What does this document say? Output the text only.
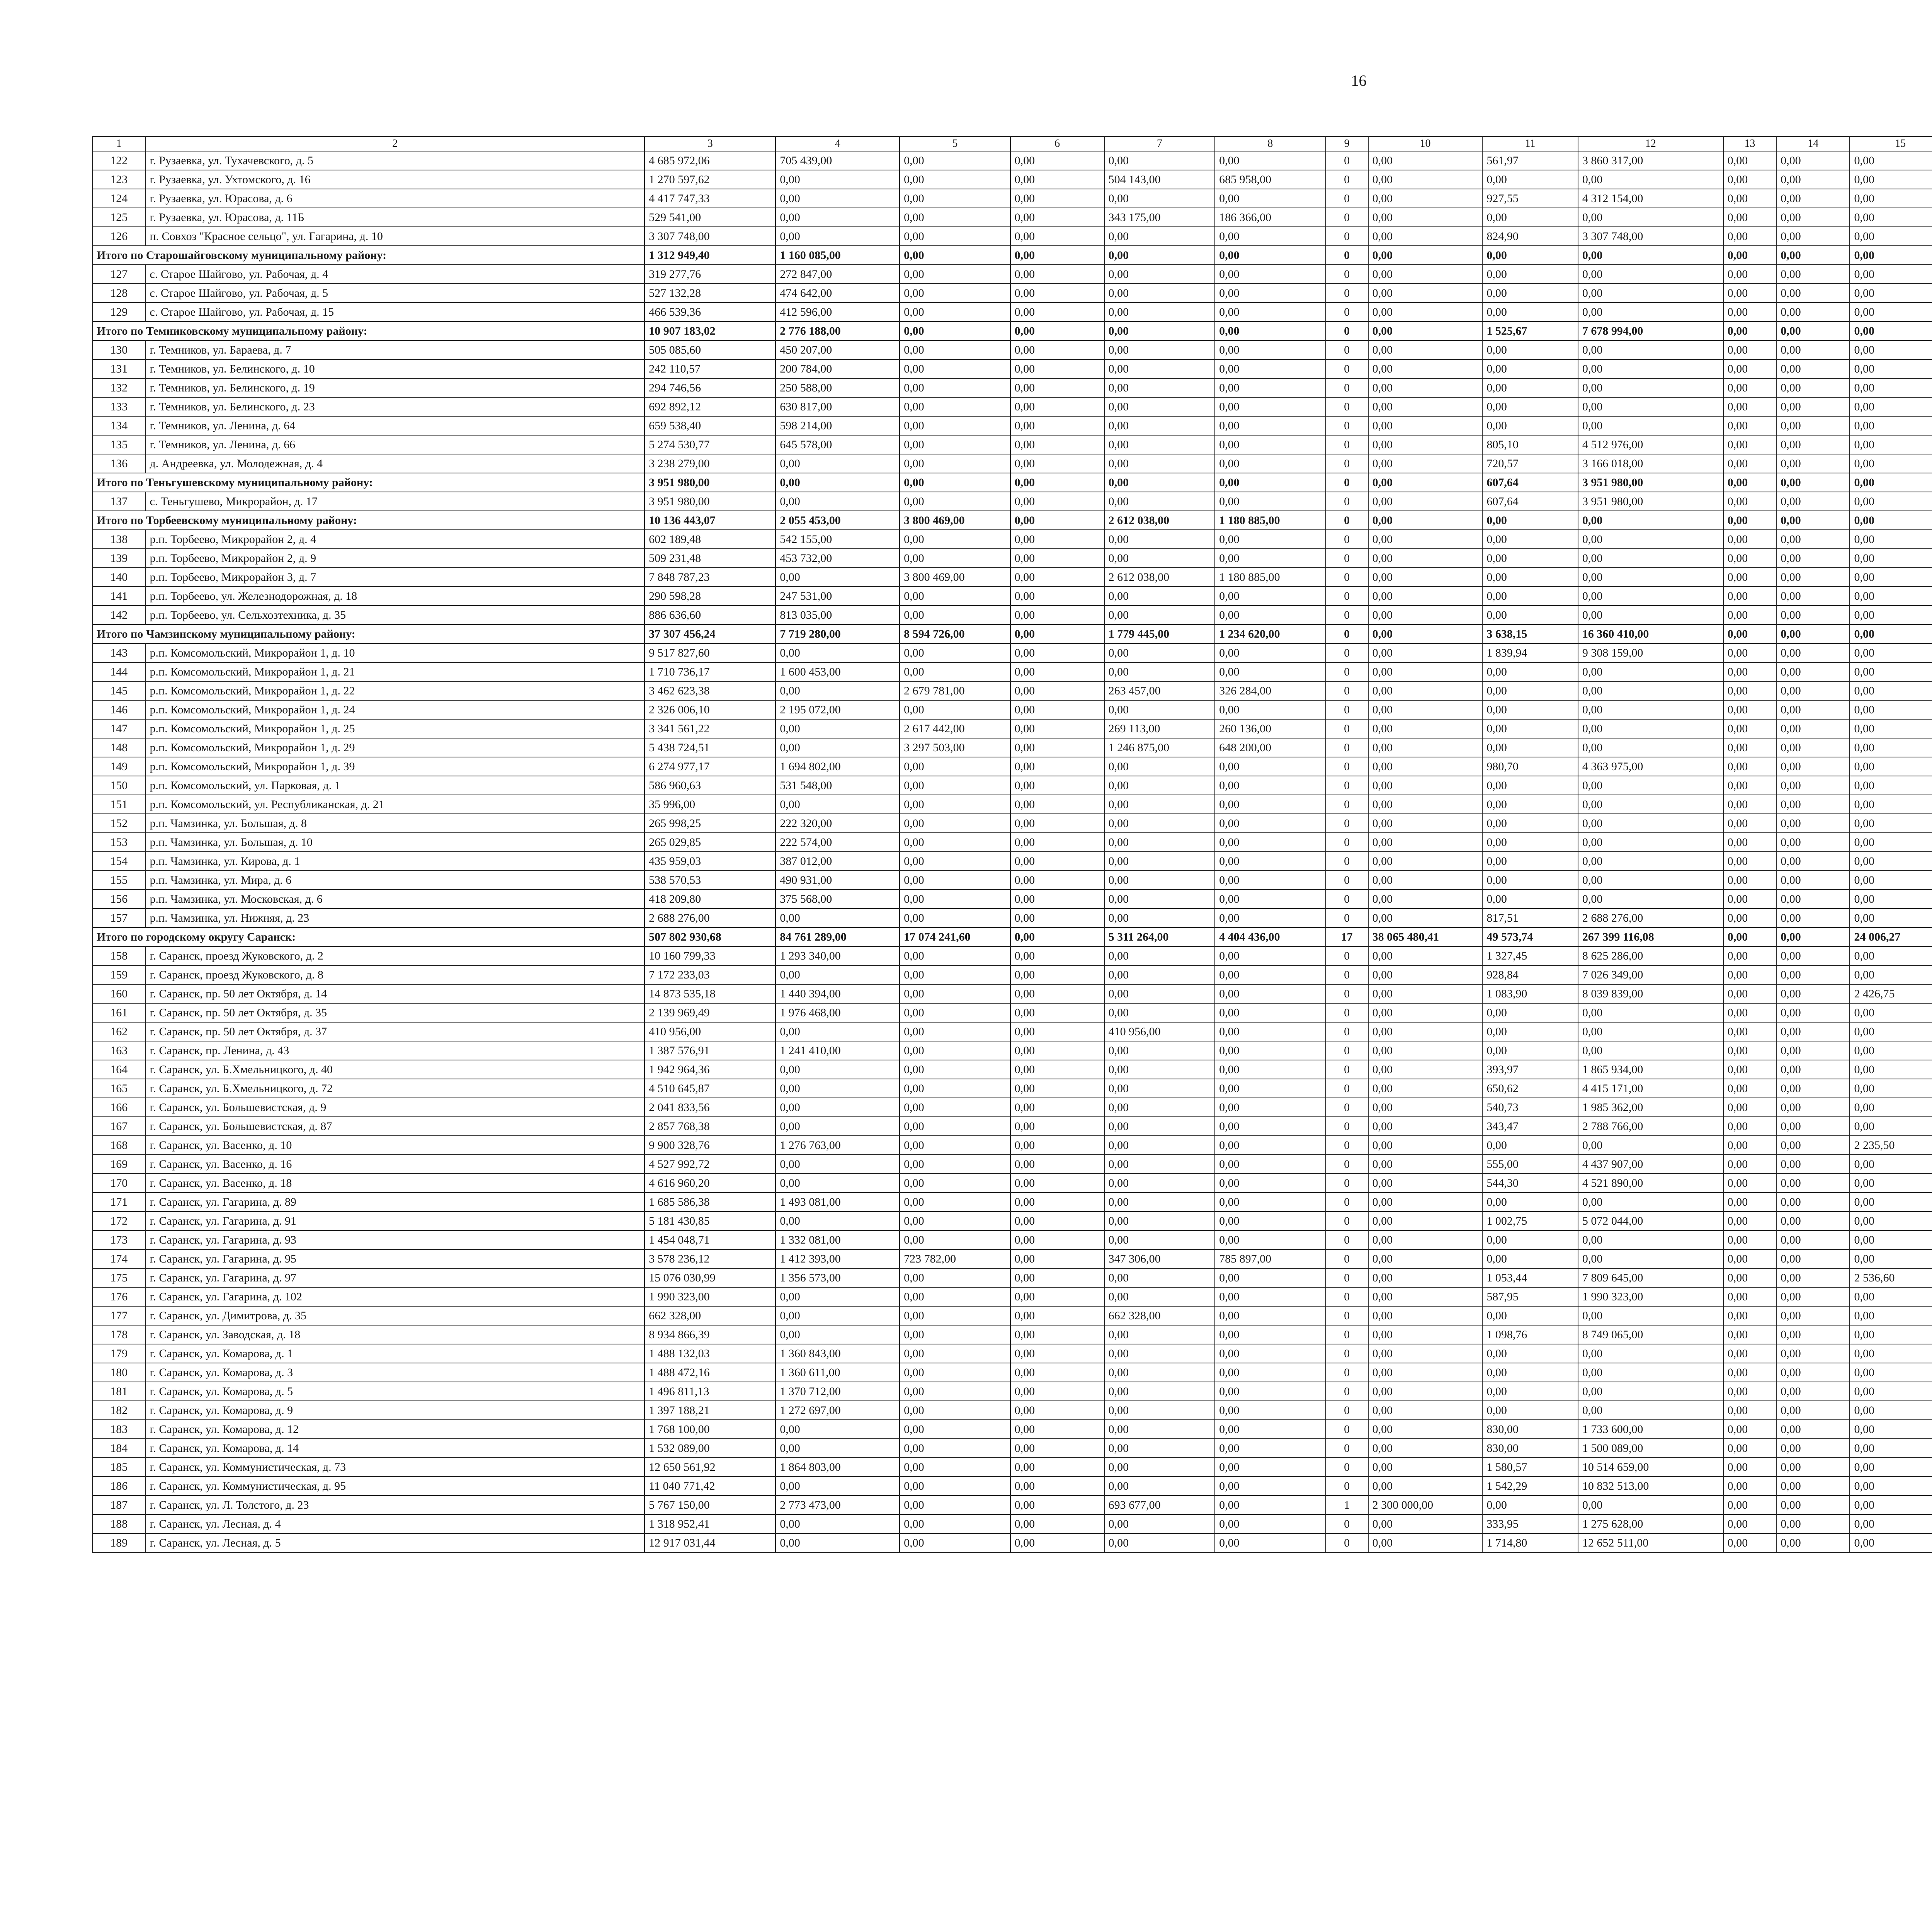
16
1	2	3	4	5	6	7	8	9	10	11	12	13	14	15						
122	г. Рузаевка, ул. Тухачевского, д. 5	4 685 972,06	705 439,00	0,00	0,00	0,00	0,00	0	0,00	561,97	3 860 317,00	0,00	0,00	0,00						
123	г. Рузаевка, ул. Ухтомского, д. 16	1 270 597,62	0,00	0,00	0,00	504 143,00	685 958,00	0	0,00	0,00	0,00	0,00	0,00	0,00						
124	г. Рузаевка, ул. Юрасова, д. 6	4 417 747,33	0,00	0,00	0,00	0,00	0,00	0	0,00	927,55	4 312 154,00	0,00	0,00	0,00						
125	г. Рузаевка, ул. Юрасова, д. 11Б	529 541,00	0,00	0,00	0,00	343 175,00	186 366,00	0	0,00	0,00	0,00	0,00	0,00	0,00						
126	п. Совхоз "Красное сельцо", ул. Гагарина, д. 10	3 307 748,00	0,00	0,00	0,00	0,00	0,00	0	0,00	824,90	3 307 748,00	0,00	0,00	0,00						
Итого по Старошайговскому муниципальному району:		1 312 949,40	1 160 085,00	0,00	0,00	0,00	0,00	0	0,00	0,00	0,00	0,00	0,00	0,00						
127	с. Старое Шайгово, ул. Рабочая, д. 4	319 277,76	272 847,00	0,00	0,00	0,00	0,00	0	0,00	0,00	0,00	0,00	0,00	0,00						
128	с. Старое Шайгово, ул. Рабочая, д. 5	527 132,28	474 642,00	0,00	0,00	0,00	0,00	0	0,00	0,00	0,00	0,00	0,00	0,00						
129	с. Старое Шайгово, ул. Рабочая, д. 15	466 539,36	412 596,00	0,00	0,00	0,00	0,00	0	0,00	0,00	0,00	0,00	0,00	0,00						
Итого по Темниковскому муниципальному району:		10 907 183,02	2 776 188,00	0,00	0,00	0,00	0,00	0	0,00	1 525,67	7 678 994,00	0,00	0,00	0,00						
130	г. Темников, ул. Бараева, д. 7	505 085,60	450 207,00	0,00	0,00	0,00	0,00	0	0,00	0,00	0,00	0,00	0,00	0,00						
131	г. Темников, ул. Белинского, д. 10	242 110,57	200 784,00	0,00	0,00	0,00	0,00	0	0,00	0,00	0,00	0,00	0,00	0,00						
132	г. Темников, ул. Белинского, д. 19	294 746,56	250 588,00	0,00	0,00	0,00	0,00	0	0,00	0,00	0,00	0,00	0,00	0,00						
133	г. Темников, ул. Белинского, д. 23	692 892,12	630 817,00	0,00	0,00	0,00	0,00	0	0,00	0,00	0,00	0,00	0,00	0,00						
134	г. Темников, ул. Ленина, д. 64	659 538,40	598 214,00	0,00	0,00	0,00	0,00	0	0,00	0,00	0,00	0,00	0,00	0,00						
135	г. Темников, ул. Ленина, д. 66	5 274 530,77	645 578,00	0,00	0,00	0,00	0,00	0	0,00	805,10	4 512 976,00	0,00	0,00	0,00						
136	д. Андреевка, ул. Молодежная, д. 4	3 238 279,00	0,00	0,00	0,00	0,00	0,00	0	0,00	720,57	3 166 018,00	0,00	0,00	0,00						
Итого по Теньгушевскому муниципальному району:		3 951 980,00	0,00	0,00	0,00	0,00	0,00	0	0,00	607,64	3 951 980,00	0,00	0,00	0,00						
137	с. Теньгушево, Микрорайон, д. 17	3 951 980,00	0,00	0,00	0,00	0,00	0,00	0	0,00	607,64	3 951 980,00	0,00	0,00	0,00						
Итого по Торбеевскому муниципальному району:		10 136 443,07	2 055 453,00	3 800 469,00	0,00	2 612 038,00	1 180 885,00	0	0,00	0,00	0,00	0,00	0,00	0,00						
138	р.п. Торбеево, Микрорайон 2, д. 4	602 189,48	542 155,00	0,00	0,00	0,00	0,00	0	0,00	0,00	0,00	0,00	0,00	0,00						
139	р.п. Торбеево, Микрорайон 2, д. 9	509 231,48	453 732,00	0,00	0,00	0,00	0,00	0	0,00	0,00	0,00	0,00	0,00	0,00						
140	р.п. Торбеево, Микрорайон 3, д. 7	7 848 787,23	0,00	3 800 469,00	0,00	2 612 038,00	1 180 885,00	0	0,00	0,00	0,00	0,00	0,00	0,00						
141	р.п. Торбеево, ул. Железнодорожная, д. 18	290 598,28	247 531,00	0,00	0,00	0,00	0,00	0	0,00	0,00	0,00	0,00	0,00	0,00						
142	р.п. Торбеево, ул. Сельхозтехника, д. 35	886 636,60	813 035,00	0,00	0,00	0,00	0,00	0	0,00	0,00	0,00	0,00	0,00	0,00						
Итого по Чамзинскому муниципальному району:		37 307 456,24	7 719 280,00	8 594 726,00	0,00	1 779 445,00	1 234 620,00	0	0,00	3 638,15	16 360 410,00	0,00	0,00	0,00						
143	р.п. Комсомольский, Микрорайон 1, д. 10	9 517 827,60	0,00	0,00	0,00	0,00	0,00	0	0,00	1 839,94	9 308 159,00	0,00	0,00	0,00						
144	р.п. Комсомольский, Микрорайон 1, д. 21	1 710 736,17	1 600 453,00	0,00	0,00	0,00	0,00	0	0,00	0,00	0,00	0,00	0,00	0,00						
145	р.п. Комсомольский, Микрорайон 1, д. 22	3 462 623,38	0,00	2 679 781,00	0,00	263 457,00	326 284,00	0	0,00	0,00	0,00	0,00	0,00	0,00						
146	р.п. Комсомольский, Микрорайон 1, д. 24	2 326 006,10	2 195 072,00	0,00	0,00	0,00	0,00	0	0,00	0,00	0,00	0,00	0,00	0,00						
147	р.п. Комсомольский, Микрорайон 1, д. 25	3 341 561,22	0,00	2 617 442,00	0,00	269 113,00	260 136,00	0	0,00	0,00	0,00	0,00	0,00	0,00						
148	р.п. Комсомольский, Микрорайон 1, д. 29	5 438 724,51	0,00	3 297 503,00	0,00	1 246 875,00	648 200,00	0	0,00	0,00	0,00	0,00	0,00	0,00						
149	р.п. Комсомольский, Микрорайон 1, д. 39	6 274 977,17	1 694 802,00	0,00	0,00	0,00	0,00	0	0,00	980,70	4 363 975,00	0,00	0,00	0,00						
150	р.п. Комсомольский, ул. Парковая, д. 1	586 960,63	531 548,00	0,00	0,00	0,00	0,00	0	0,00	0,00	0,00	0,00	0,00	0,00						
151	р.п. Комсомольский, ул. Республиканская, д. 21	35 996,00	0,00	0,00	0,00	0,00	0,00	0	0,00	0,00	0,00	0,00	0,00	0,00						
152	р.п. Чамзинка, ул. Большая, д. 8	265 998,25	222 320,00	0,00	0,00	0,00	0,00	0	0,00	0,00	0,00	0,00	0,00	0,00						
153	р.п. Чамзинка, ул. Большая, д. 10	265 029,85	222 574,00	0,00	0,00	0,00	0,00	0	0,00	0,00	0,00	0,00	0,00	0,00						
154	р.п. Чамзинка, ул. Кирова, д. 1	435 959,03	387 012,00	0,00	0,00	0,00	0,00	0	0,00	0,00	0,00	0,00	0,00	0,00						
155	р.п. Чамзинка, ул. Мира, д. 6	538 570,53	490 931,00	0,00	0,00	0,00	0,00	0	0,00	0,00	0,00	0,00	0,00	0,00						
156	р.п. Чамзинка, ул. Московская, д. 6	418 209,80	375 568,00	0,00	0,00	0,00	0,00	0	0,00	0,00	0,00	0,00	0,00	0,00						
157	р.п. Чамзинка, ул. Нижняя, д. 23	2 688 276,00	0,00	0,00	0,00	0,00	0,00	0	0,00	817,51	2 688 276,00	0,00	0,00	0,00						
Итого по городскому округу Саранск:		507 802 930,68	84 761 289,00	17 074 241,60	0,00	5 311 264,00	4 404 436,00	17	38 065 480,41	49 573,74	267 399 116,08	0,00	0,00	24 006,27						
158	г. Саранск, проезд Жуковского, д. 2	10 160 799,33	1 293 340,00	0,00	0,00	0,00	0,00	0	0,00	1 327,45	8 625 286,00	0,00	0,00	0,00						
159	г. Саранск, проезд Жуковского, д. 8	7 172 233,03	0,00	0,00	0,00	0,00	0,00	0	0,00	928,84	7 026 349,00	0,00	0,00	0,00						
160	г. Саранск, пр. 50 лет Октября, д. 14	14 873 535,18	1 440 394,00	0,00	0,00	0,00	0,00	0	0,00	1 083,90	8 039 839,00	0,00	0,00	2 426,75						
161	г. Саранск, пр. 50 лет Октября, д. 35	2 139 969,49	1 976 468,00	0,00	0,00	0,00	0,00	0	0,00	0,00	0,00	0,00	0,00	0,00						
162	г. Саранск, пр. 50 лет Октября, д. 37	410 956,00	0,00	0,00	0,00	410 956,00	0,00	0	0,00	0,00	0,00	0,00	0,00	0,00						
163	г. Саранск, пр. Ленина, д. 43	1 387 576,91	1 241 410,00	0,00	0,00	0,00	0,00	0	0,00	0,00	0,00	0,00	0,00	0,00						
164	г. Саранск, ул. Б.Хмельницкого, д. 40	1 942 964,36	0,00	0,00	0,00	0,00	0,00	0	0,00	393,97	1 865 934,00	0,00	0,00	0,00						
165	г. Саранск, ул. Б.Хмельницкого, д. 72	4 510 645,87	0,00	0,00	0,00	0,00	0,00	0	0,00	650,62	4 415 171,00	0,00	0,00	0,00						
166	г. Саранск, ул. Большевистская, д. 9	2 041 833,56	0,00	0,00	0,00	0,00	0,00	0	0,00	540,73	1 985 362,00	0,00	0,00	0,00						
167	г. Саранск, ул. Большевистская, д. 87	2 857 768,38	0,00	0,00	0,00	0,00	0,00	0	0,00	343,47	2 788 766,00	0,00	0,00	0,00						
168	г. Саранск, ул. Васенко, д. 10	9 900 328,76	1 276 763,00	0,00	0,00	0,00	0,00	0	0,00	0,00	0,00	0,00	0,00	2 235,50						
169	г. Саранск, ул. Васенко, д. 16	4 527 992,72	0,00	0,00	0,00	0,00	0,00	0	0,00	555,00	4 437 907,00	0,00	0,00	0,00						
170	г. Саранск, ул. Васенко, д. 18	4 616 960,20	0,00	0,00	0,00	0,00	0,00	0	0,00	544,30	4 521 890,00	0,00	0,00	0,00						
171	г. Саранск, ул. Гагарина, д. 89	1 685 586,38	1 493 081,00	0,00	0,00	0,00	0,00	0	0,00	0,00	0,00	0,00	0,00	0,00						
172	г. Саранск, ул. Гагарина, д. 91	5 181 430,85	0,00	0,00	0,00	0,00	0,00	0	0,00	1 002,75	5 072 044,00	0,00	0,00	0,00						
173	г. Саранск, ул. Гагарина, д. 93	1 454 048,71	1 332 081,00	0,00	0,00	0,00	0,00	0	0,00	0,00	0,00	0,00	0,00	0,00						
174	г. Саранск, ул. Гагарина, д. 95	3 578 236,12	1 412 393,00	723 782,00	0,00	347 306,00	785 897,00	0	0,00	0,00	0,00	0,00	0,00	0,00						
175	г. Саранск, ул. Гагарина, д. 97	15 076 030,99	1 356 573,00	0,00	0,00	0,00	0,00	0	0,00	1 053,44	7 809 645,00	0,00	0,00	2 536,60						
176	г. Саранск, ул. Гагарина, д. 102	1 990 323,00	0,00	0,00	0,00	0,00	0,00	0	0,00	587,95	1 990 323,00	0,00	0,00	0,00						
177	г. Саранск, ул. Димитрова, д. 35	662 328,00	0,00	0,00	0,00	662 328,00	0,00	0	0,00	0,00	0,00	0,00	0,00	0,00						
178	г. Саранск, ул. Заводская, д. 18	8 934 866,39	0,00	0,00	0,00	0,00	0,00	0	0,00	1 098,76	8 749 065,00	0,00	0,00	0,00						
179	г. Саранск, ул. Комарова, д. 1	1 488 132,03	1 360 843,00	0,00	0,00	0,00	0,00	0	0,00	0,00	0,00	0,00	0,00	0,00						
180	г. Саранск, ул. Комарова, д. 3	1 488 472,16	1 360 611,00	0,00	0,00	0,00	0,00	0	0,00	0,00	0,00	0,00	0,00	0,00						
181	г. Саранск, ул. Комарова, д. 5	1 496 811,13	1 370 712,00	0,00	0,00	0,00	0,00	0	0,00	0,00	0,00	0,00	0,00	0,00						
182	г. Саранск, ул. Комарова, д. 9	1 397 188,21	1 272 697,00	0,00	0,00	0,00	0,00	0	0,00	0,00	0,00	0,00	0,00	0,00						
183	г. Саранск, ул. Комарова, д. 12	1 768 100,00	0,00	0,00	0,00	0,00	0,00	0	0,00	830,00	1 733 600,00	0,00	0,00	0,00						
184	г. Саранск, ул. Комарова, д. 14	1 532 089,00	0,00	0,00	0,00	0,00	0,00	0	0,00	830,00	1 500 089,00	0,00	0,00	0,00						
185	г. Саранск, ул. Коммунистическая, д. 73	12 650 561,92	1 864 803,00	0,00	0,00	0,00	0,00	0	0,00	1 580,57	10 514 659,00	0,00	0,00	0,00						
186	г. Саранск, ул. Коммунистическая, д. 95	11 040 771,42	0,00	0,00	0,00	0,00	0,00	0	0,00	1 542,29	10 832 513,00	0,00	0,00	0,00						
187	г. Саранск, ул. Л. Толстого, д. 23	5 767 150,00	2 773 473,00	0,00	0,00	693 677,00	0,00	1	2 300 000,00	0,00	0,00	0,00	0,00	0,00						
188	г. Саранск, ул. Лесная, д. 4	1 318 952,41	0,00	0,00	0,00	0,00	0,00	0	0,00	333,95	1 275 628,00	0,00	0,00	0,00						
189	г. Саранск, ул. Лесная, д. 5	12 917 031,44	0,00	0,00	0,00	0,00	0,00	0	0,00	1 714,80	12 652 511,00	0,00	0,00	0,00						
